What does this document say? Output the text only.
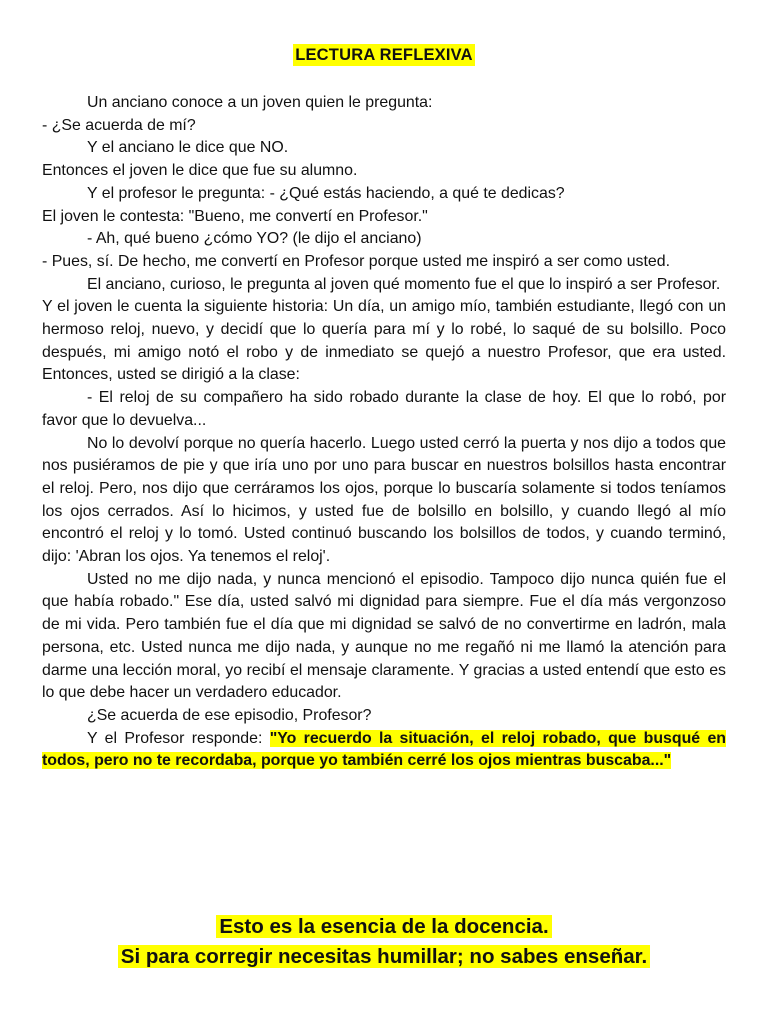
LECTURA REFLEXIVA

Un anciano conoce a un joven quien le pregunta:

- ¿Se acuerda de mí?

Y el anciano le dice que NO.

Entonces el joven le dice que fue su alumno.

Y el profesor le pregunta: - ¿Qué estás haciendo, a qué te dedicas?

El joven le contesta: "Bueno, me convertí en Profesor."

- Ah, qué bueno ¿cómo YO? (le dijo el anciano)

- Pues, sí. De hecho, me convertí en Profesor porque usted me inspiró a ser como usted.

El anciano, curioso, le pregunta al joven qué momento fue el que lo inspiró a ser Profesor.

Y el joven le cuenta la siguiente historia: Un día, un amigo mío, también estudiante, llegó con un hermoso reloj, nuevo, y decidí que lo quería para mí y lo robé, lo saqué de su bolsillo. Poco después, mi amigo notó el robo y de inmediato se quejó a nuestro Profesor, que era usted. Entonces, usted se dirigió a la clase:

- El reloj de su compañero ha sido robado durante la clase de hoy. El que lo robó, por favor que lo devuelva...

No lo devolví porque no quería hacerlo. Luego usted cerró la puerta y nos dijo a todos que nos pusiéramos de pie y que iría uno por uno para buscar en nuestros bolsillos hasta encontrar el reloj. Pero, nos dijo que cerráramos los ojos, porque lo buscaría solamente si todos teníamos los ojos cerrados. Así lo hicimos, y usted fue de bolsillo en bolsillo, y cuando llegó al mío encontró el reloj y lo tomó. Usted continuó buscando los bolsillos de todos, y cuando terminó, dijo: 'Abran los ojos. Ya tenemos el reloj'.

Usted no me dijo nada, y nunca mencionó el episodio. Tampoco dijo nunca quién fue el que había robado." Ese día, usted salvó mi dignidad para siempre. Fue el día más vergonzoso de mi vida. Pero también fue el día que mi dignidad se salvó de no convertirme en ladrón, mala persona, etc. Usted nunca me dijo nada, y aunque no me regañó ni me llamó la atención para darme una lección moral, yo recibí el mensaje claramente. Y gracias a usted entendí que esto es lo que debe hacer un verdadero educador.

¿Se acuerda de ese episodio, Profesor?

Y el Profesor responde: "Yo recuerdo la situación, el reloj robado, que busqué en todos, pero no te recordaba, porque yo también cerré los ojos mientras buscaba..."

Esto es la esencia de la docencia.
Si para corregir necesitas humillar; no sabes enseñar.
